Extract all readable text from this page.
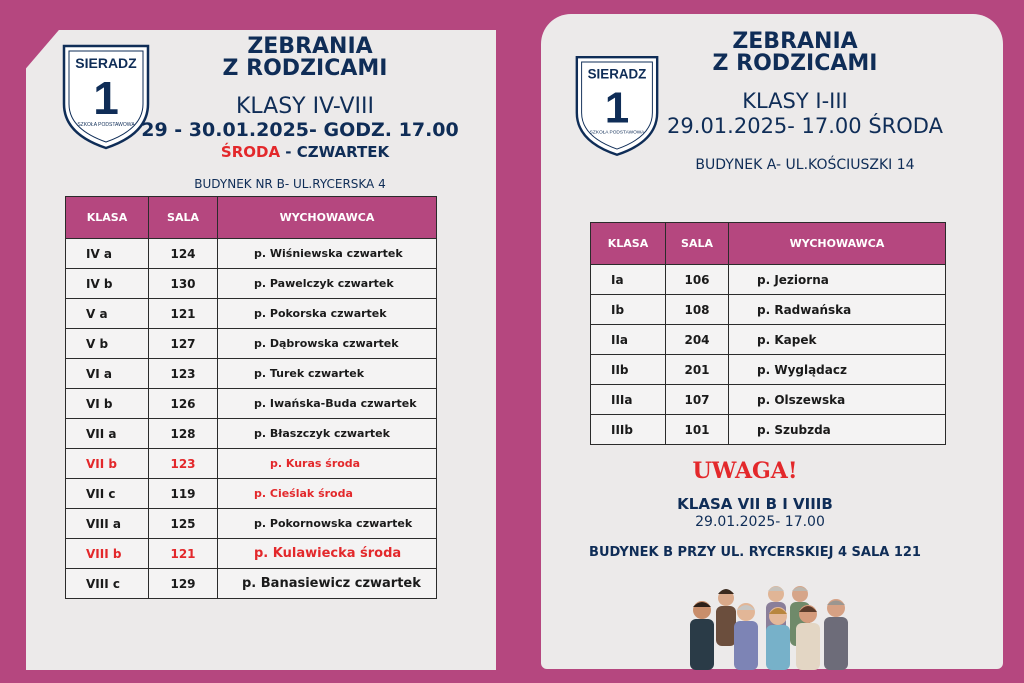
SIERADZ
1
SZKOŁA PODSTAWOWA
ZEBRANIA
Z RODZICAMI
KLASY IV-VIII
29 - 30.01.2025- GODZ. 17.00
ŚRODA - CZWARTEK
BUDYNEK NR B- UL.RYCERSKA 4
KLASA	SALA	WYCHOWAWCA
IV a	124	p. Wiśniewska czwartek
IV b	130	p. Pawelczyk czwartek
V a	121	p. Pokorska czwartek
V b	127	p. Dąbrowska czwartek
VI a	123	p. Turek czwartek
VI b	126	p. Iwańska-Buda czwartek
VII a	128	p. Błaszczyk czwartek
VII b	123	p. Kuras środa
VII c	119	p. Cieślak środa
VIII a	125	p. Pokornowska czwartek
VIII b	121	p. Kulawiecka środa
VIII c	129	p. Banasiewicz czwartek
SIERADZ
1
SZKOŁA PODSTAWOWA
ZEBRANIA
Z RODZICAMI
KLASY I-III
29.01.2025- 17.00 ŚRODA
BUDYNEK A- UL.KOŚCIUSZKI 14
KLASA	SALA	WYCHOWAWCA
Ia	106	p. Jeziorna
Ib	108	p. Radwańska
IIa	204	p. Kapek
IIb	201	p. Wyglądacz
IIIa	107	p. Olszewska
IIIb	101	p. Szubzda
UWAGA!
KLASA VII B I VIIIB
29.01.2025- 17.00
BUDYNEK B PRZY UL. RYCERSKIEJ 4 SALA 121
